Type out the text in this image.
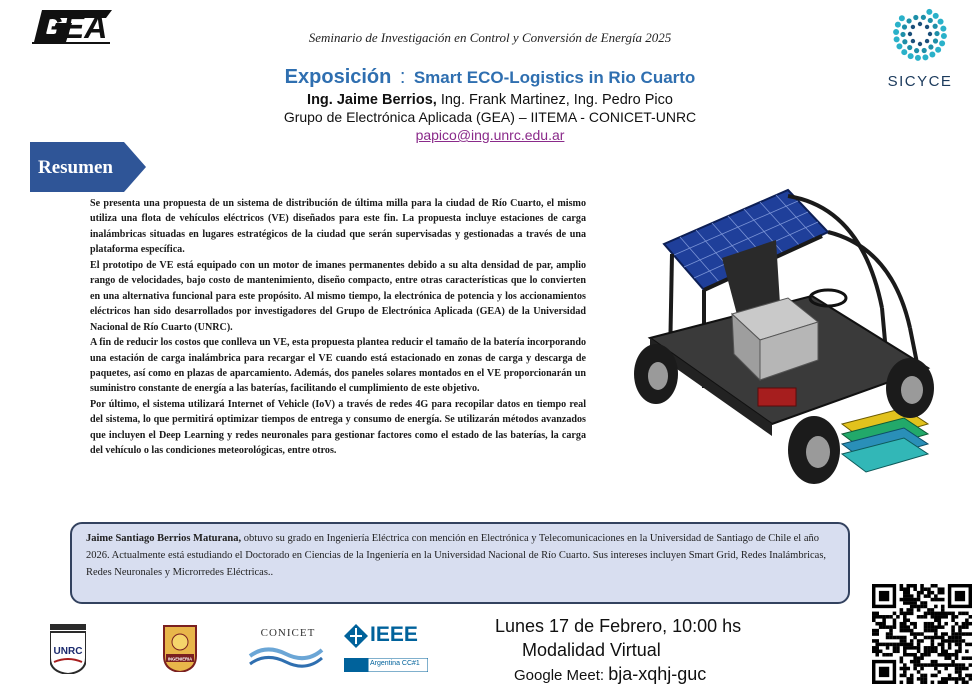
GEA	Seminario de Investigación en Control y Conversión de Energía 2025
SICYCE
Exposición : Smart ECO-Logistics in Rio Cuarto
Ing. Jaime Berrios, Ing. Frank Martinez, Ing. Pedro Pico
Grupo de Electrónica Aplicada (GEA) – IITEMA - CONICET-UNRC
papico@ing.unrc.edu.ar
Resumen

Se presenta una propuesta de un sistema de distribución de última milla para la ciudad de Río Cuarto, el mismo utiliza una flota de vehículos eléctricos (VE) diseñados para este fin. La propuesta incluye estaciones de carga inalámbricas situadas en lugares estratégicos de la ciudad que serán supervisadas y gestionadas a través de una plataforma específica.

El prototipo de VE está equipado con un motor de imanes permanentes debido a su alta densidad de par, amplio rango de velocidades, bajo costo de mantenimiento, diseño compacto, entre otras características que lo convierten en una alternativa funcional para este propósito. Al mismo tiempo, la electrónica de potencia y los accionamientos eléctricos han sido desarrollados por investigadores del Grupo de Electrónica Aplicada (GEA) de la Universidad Nacional de Río Cuarto (UNRC).

A fin de reducir los costos que conlleva un VE, esta propuesta plantea reducir el tamaño de la batería incorporando una estación de carga inalámbrica para recargar el VE cuando está estacionado en zonas de carga y descarga de paquetes, así como en plazas de aparcamiento. Además, dos paneles solares montados en el VE proporcionarán un suministro constante de energía a las baterías, facilitando el cumplimiento de este objetivo.

Por último, el sistema utilizará Internet of Vehicle (IoV) a través de redes 4G para recopilar datos en tiempo real del sistema, lo que permitirá optimizar tiempos de entrega y consumo de energía. Se utilizarán métodos avanzados que incluyen el Deep Learning y redes neuronales para gestionar factores como el estado de las baterías, la carga del vehículo o las condiciones meteorológicas, entre otros.

Jaime Santiago Berrios Maturana, obtuvo su grado en Ingeniería Eléctrica con mención en Electrónica y Telecomunicaciones en la Universidad de Santiago de Chile el año 2026. Actualmente está estudiando el Doctorado en Ciencias de la Ingeniería en la Universidad Nacional de Río Cuarto. Sus intereses incluyen Smart Grid, Redes Inalámbricas, Redes Neuronales y Microrredes Eléctricas..
UNRC
INGENIERIA
CONICET	IEEE
Argentina CC#1
Lunes 17 de Febrero, 10:00 hs
Modalidad Virtual
Google Meet: bja-xqhj-guc
